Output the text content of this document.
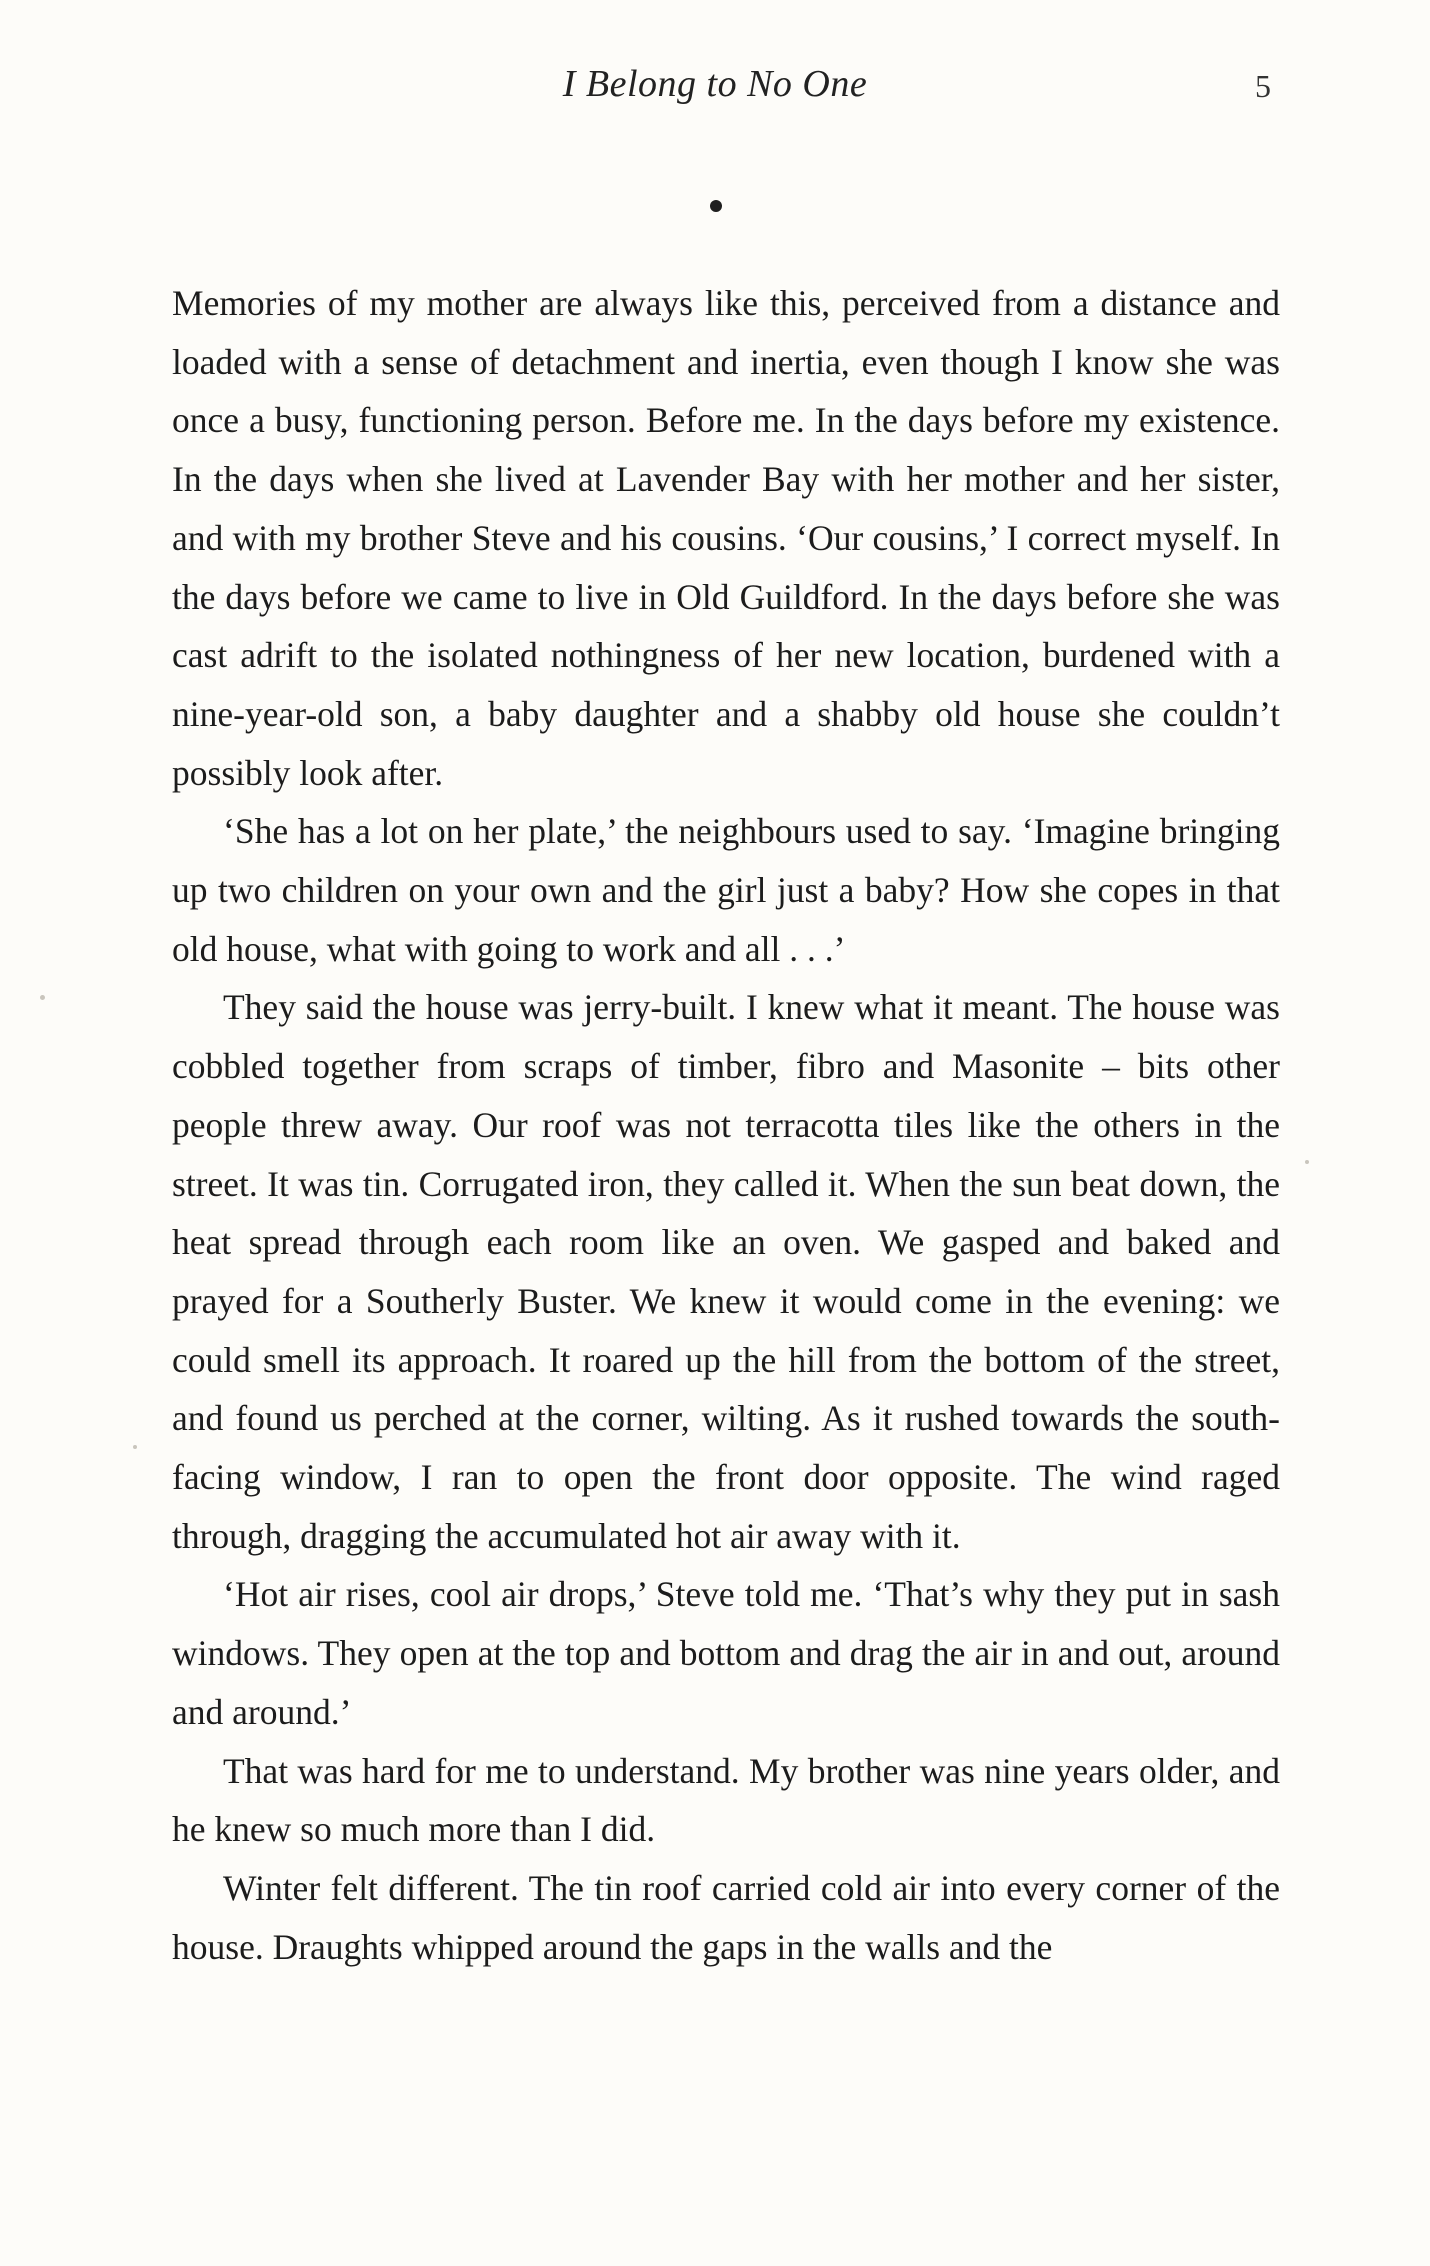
I Belong to No One	5

Memories of my mother are always like this, perceived from a distance and loaded with a sense of detachment and inertia, even though I know she was once a busy, functioning person. Before me. In the days before my existence. In the days when she lived at Lavender Bay with her mother and her sister, and with my brother Steve and his cousins. ‘Our cousins,’ I correct myself. In the days before we came to live in Old Guildford. In the days before she was cast adrift to the isolated nothingness of her new location, burdened with a nine-year-old son, a baby daughter and a shabby old house she couldn’t possibly look after.

‘She has a lot on her plate,’ the neighbours used to say. ‘Imagine bringing up two children on your own and the girl just a baby? How she copes in that old house, what with going to work and all . . .’

They said the house was jerry-built. I knew what it meant. The house was cobbled together from scraps of timber, fibro and Masonite – bits other people threw away. Our roof was not terracotta tiles like the others in the street. It was tin. Corrugated iron, they called it. When the sun beat down, the heat spread through each room like an oven. We gasped and baked and prayed for a Southerly Buster. We knew it would come in the evening: we could smell its approach. It roared up the hill from the bottom of the street, and found us perched at the corner, wilting. As it rushed towards the south-facing window, I ran to open the front door opposite. The wind raged through, dragging the accumulated hot air away with it.

‘Hot air rises, cool air drops,’ Steve told me. ‘That’s why they put in sash windows. They open at the top and bottom and drag the air in and out, around and around.’

That was hard for me to understand. My brother was nine years older, and he knew so much more than I did.

Winter felt different. The tin roof carried cold air into every corner of the house. Draughts whipped around the gaps in the walls and the
